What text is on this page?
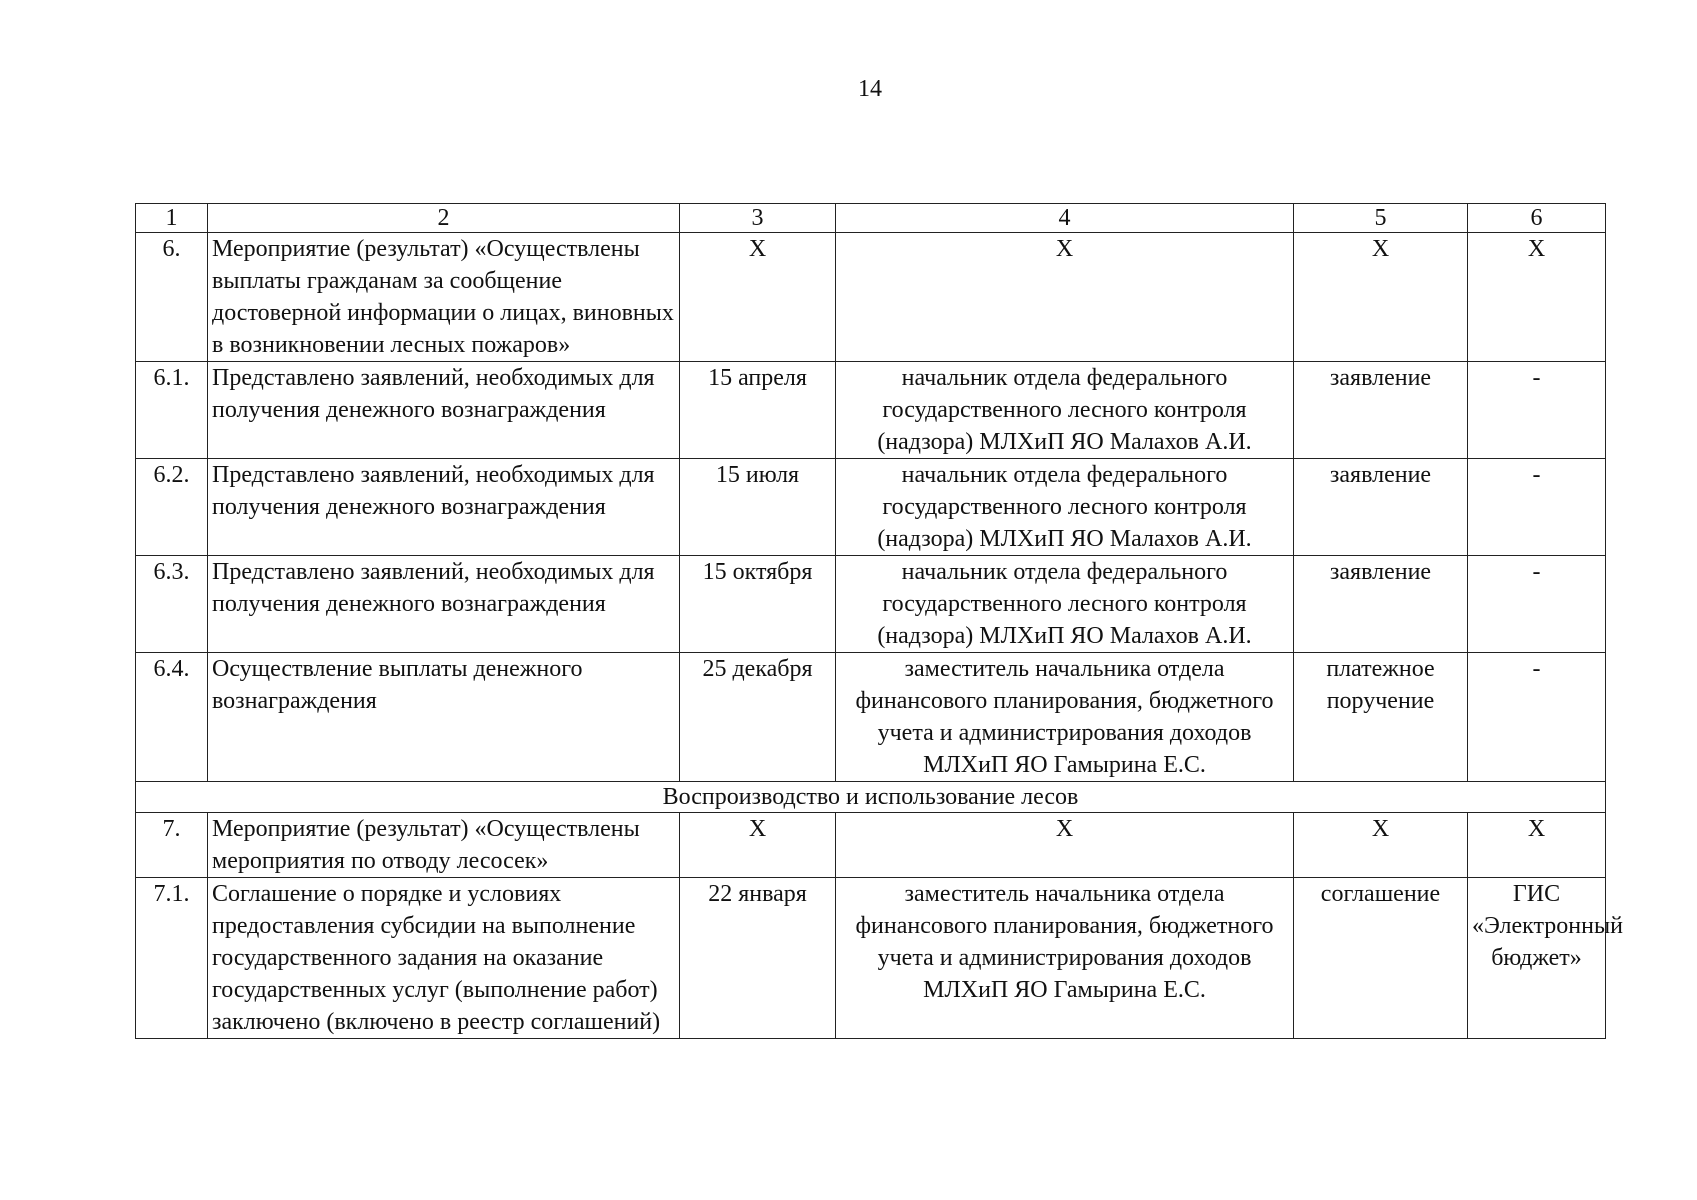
14
1	2	3	4	5	6
6.	Мероприятие (результат) «Осуществлены выплаты гражданам за сообщение достоверной информации о лицах, виновных в возникновении лесных пожаров»	Х	Х	Х	Х
6.1.	Представлено заявлений, необходимых для получения денежного вознаграждения	15 апреля	начальник отдела федерального государственного лесного контроля (надзора) МЛХиП ЯО Малахов А.И.	заявление	-
6.2.	Представлено заявлений, необходимых для получения денежного вознаграждения	15 июля	начальник отдела федерального государственного лесного контроля (надзора) МЛХиП ЯО Малахов А.И.	заявление	-
6.3.	Представлено заявлений, необходимых для получения денежного вознаграждения	15 октября	начальник отдела федерального государственного лесного контроля (надзора) МЛХиП ЯО Малахов А.И.	заявление	-
6.4.	Осуществление выплаты денежного вознаграждения	25 декабря	заместитель начальника отдела финансового планирования, бюджетного учета и администрирования доходов МЛХиП ЯО Гамырина Е.С.	платежное поручение	-
Воспроизводство и использование лесов					
7.	Мероприятие (результат) «Осуществлены мероприятия по отводу лесосек»	Х	Х	Х	Х
7.1.	Соглашение о порядке и условиях предоставления субсидии на выполнение государственного задания на оказание государственных услуг (выполнение работ) заключено (включено в реестр соглашений)	22 января	заместитель начальника отдела финансового планирования, бюджетного учета и администрирования доходов МЛХиП ЯО Гамырина Е.С.	соглашение	ГИС «Электронный бюджет»
